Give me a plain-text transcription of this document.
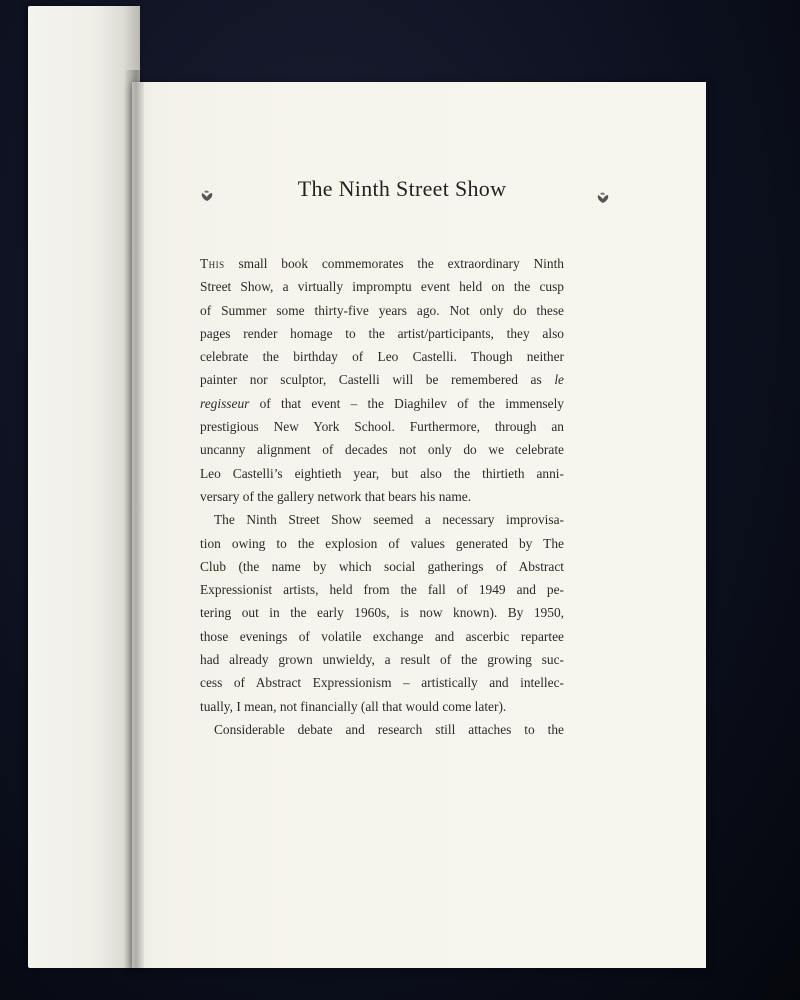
The Ninth Street Show
This small book commemorates the extraordinary Ninth
Street Show, a virtually impromptu event held on the cusp
of Summer some thirty-five years ago. Not only do these
pages render homage to the artist/participants, they also
celebrate the birthday of Leo Castelli. Though neither
painter nor sculptor, Castelli will be remembered as le
regisseur of that event – the Diaghilev of the immensely
prestigious New York School. Furthermore, through an
uncanny alignment of decades not only do we celebrate
Leo Castelli’s eightieth year, but also the thirtieth anni-
versary of the gallery network that bears his name.
The Ninth Street Show seemed a necessary improvisa-
tion owing to the explosion of values generated by The
Club (the name by which social gatherings of Abstract
Expressionist artists, held from the fall of 1949 and pe-
tering out in the early 1960s, is now known). By 1950,
those evenings of volatile exchange and ascerbic repartee
had already grown unwieldy, a result of the growing suc-
cess of Abstract Expressionism – artistically and intellec-
tually, I mean, not financially (all that would come later).
Considerable debate and research still attaches to the
